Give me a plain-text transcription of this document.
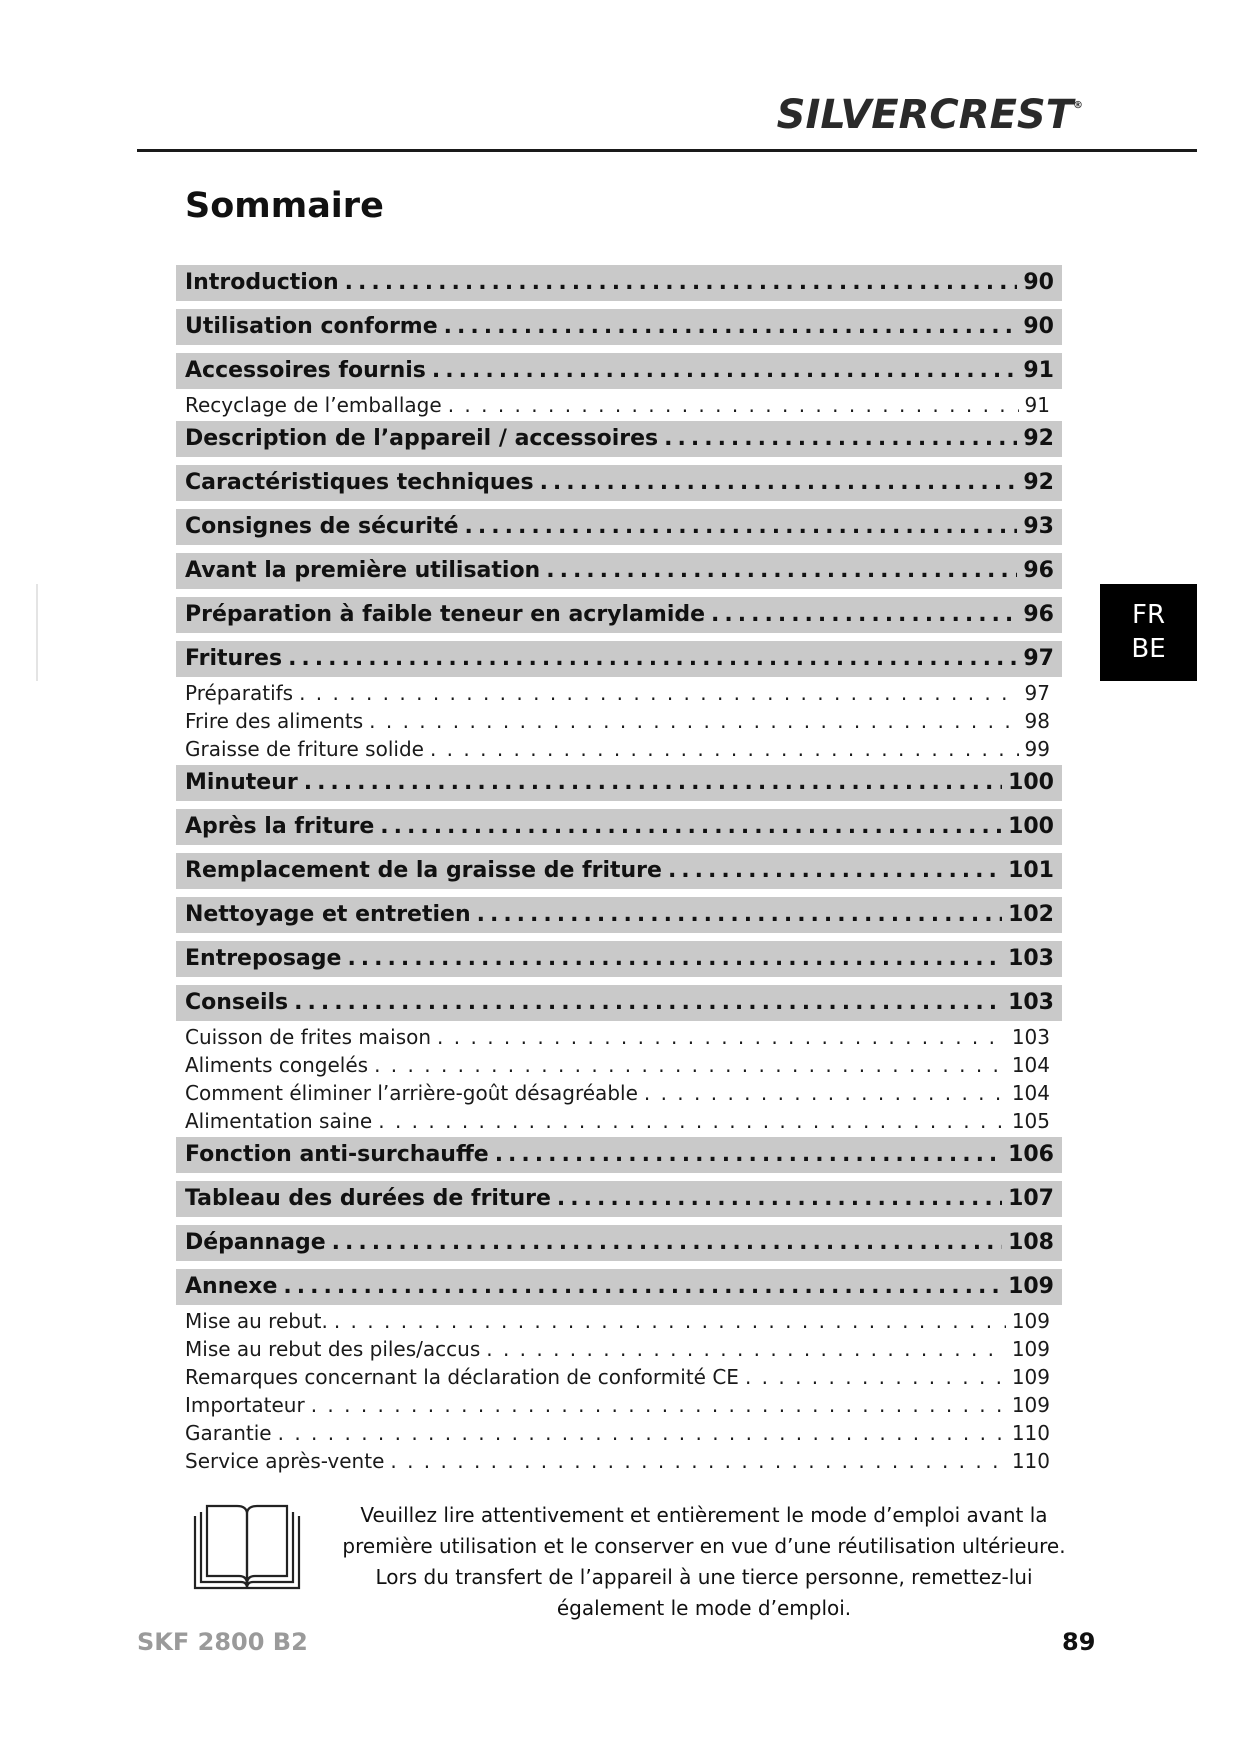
SILVERCREST®
Sommaire
Introduction .....	90
Utilisation conforme .....	90
Accessoires fournis .....	91
Recyclage de l’emballage . . .	91
Description de l’appareil / accessoires .....	92
Caractéristiques techniques .....	92
Consignes de sécurité .....	93
Avant la première utilisation .....	96
Préparation à faible teneur en acrylamide .....	96
Fritures .....	97
Préparatifs . . .	97
Frire des aliments . . .	98
Graisse de friture solide . . .	99
Minuteur .....	100
Après la friture .....	100
Remplacement de la graisse de friture .....	101
Nettoyage et entretien .....	102
Entreposage .....	103
Conseils .....	103
Cuisson de frites maison . . .	103
Aliments congelés . . .	104
Comment éliminer l’arrière-goût désagréable . . .	104
Alimentation saine . . .	105
Fonction anti-surchauffe .....	106
Tableau des durées de friture .....	107
Dépannage .....	108
Annexe .....	109
Mise au rebut. . . .	109
Mise au rebut des piles/accus . . .	109
Remarques concernant la déclaration de conformité CE . . .	109
Importateur . . .	109
Garantie . . .	110
Service après-vente . . .	110
FR
BE
Veuillez lire attentivement et entièrement le mode d’emploi avant la première utilisation et le conserver en vue d’une réutilisation ultérieure. Lors du transfert de l’appareil à une tierce personne, remettez-lui également le mode d’emploi.
SKF 2800 B2	89
